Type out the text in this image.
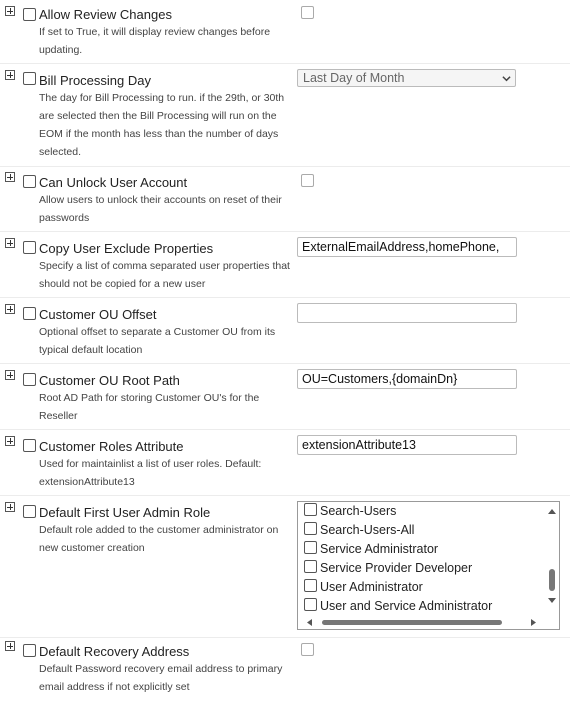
Allow Review Changes
If set to True, it will display review changes before updating.
Bill Processing Day
The day for Bill Processing to run. if the 29th, or 30th are selected then the Bill Processing will run on the EOM if the month has less than the number of days selected.
Last Day of Month
Can Unlock User Account
Allow users to unlock their accounts on reset of their passwords
Copy User Exclude Properties
Specify a list of comma separated user properties that should not be copied for a new user
ExternalEmailAddress,homePhone,
Customer OU Offset
Optional offset to separate a Customer OU from its typical default location
Customer OU Root Path
Root AD Path for storing Customer OU's for the Reseller
OU=Customers,{domainDn}
Customer Roles Attribute
Used for maintainlist a list of user roles. Default: extensionAttribute13
extensionAttribute13
Default First User Admin Role
Default role added to the customer administrator on new customer creation
Search-Users
Search-Users-All
Service Administrator
Service Provider Developer
User Administrator
User and Service Administrator
Default Recovery Address
Default Password recovery email address to primary email address if not explicitly set
